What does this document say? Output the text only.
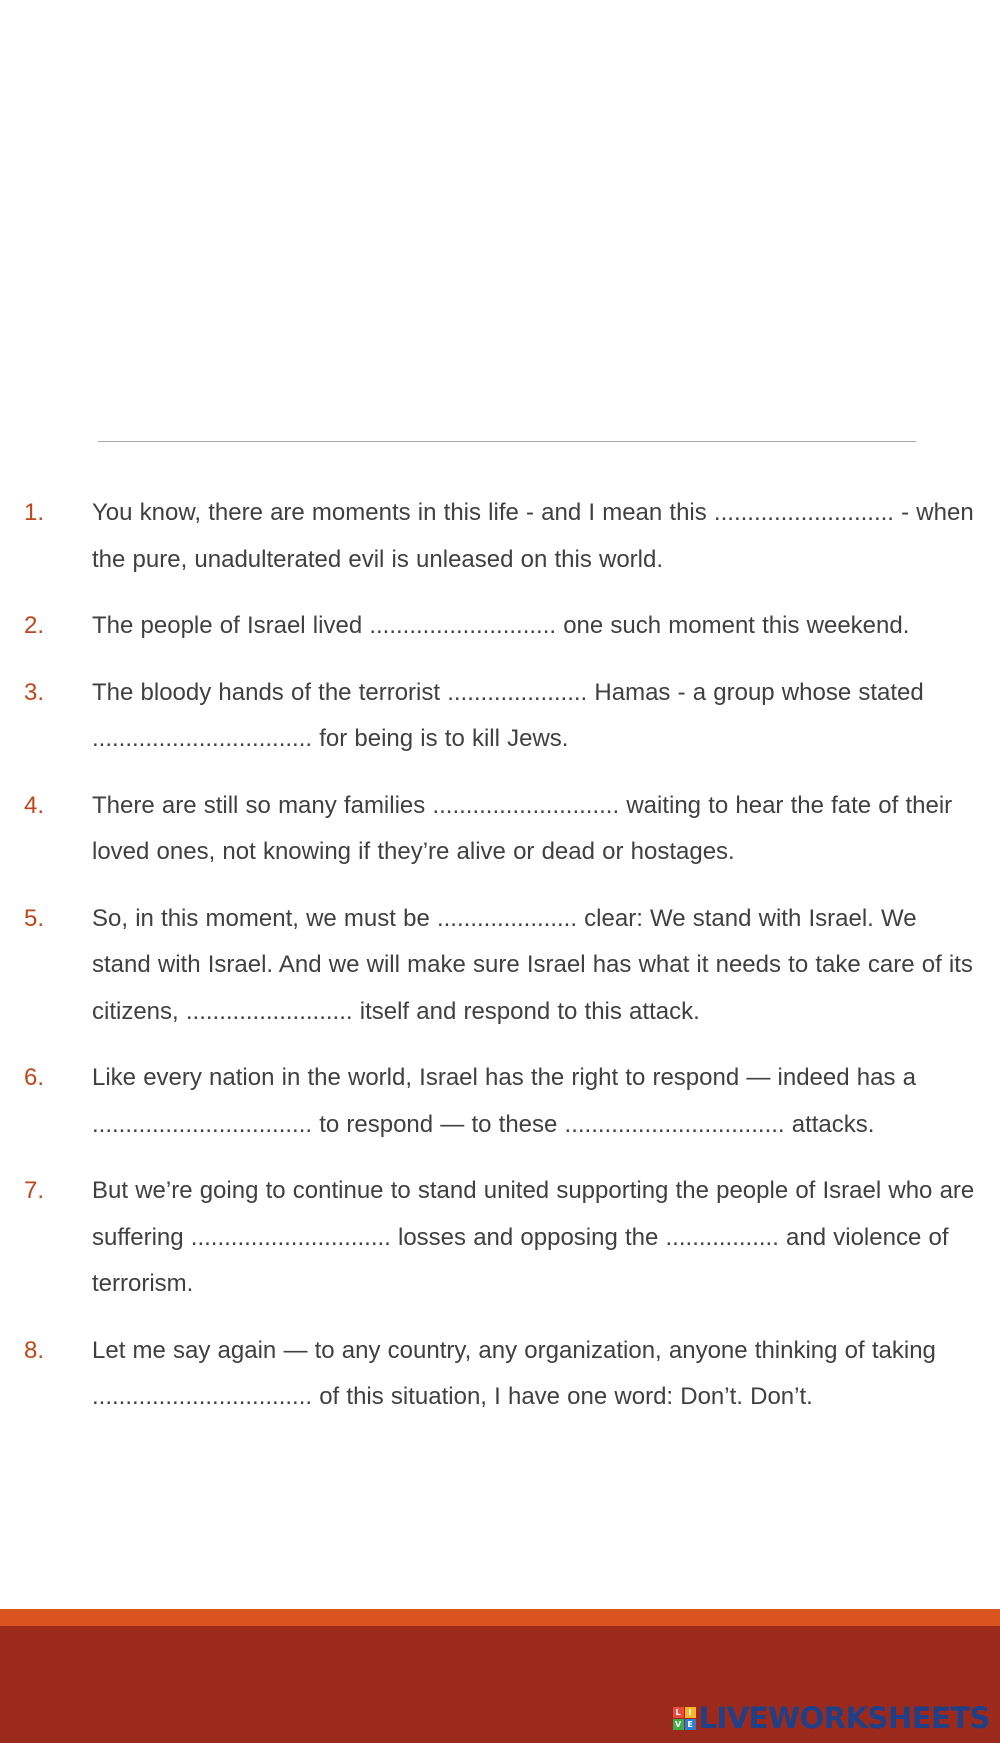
1. You know, there are moments in this life - and I mean this ........................... - when the pure, unadulterated evil is unleased on this world.
2. The people of Israel lived ............................ one such moment this weekend.
3. The bloody hands of the terrorist ..................... Hamas - a group whose stated ................................. for being is to kill Jews.
4. There are still so many families ............................ waiting to hear the fate of their loved ones, not knowing if they’re alive or dead or hostages.
5. So, in this moment, we must be ..................... clear: We stand with Israel. We stand with Israel. And we will make sure Israel has what it needs to take care of its citizens, ......................... itself and respond to this attack.
6. Like every nation in the world, Israel has the right to respond — indeed has a ................................. to respond — to these ................................. attacks.
7. But we’re going to continue to stand united supporting the people of Israel who are suffering .............................. losses and opposing the ................. and violence of terrorism.
8. Let me say again — to any country, any organization, anyone thinking of taking ................................. of this situation, I have one word: Don’t. Don’t.
L I
V E LIVEWORKSHEETS
